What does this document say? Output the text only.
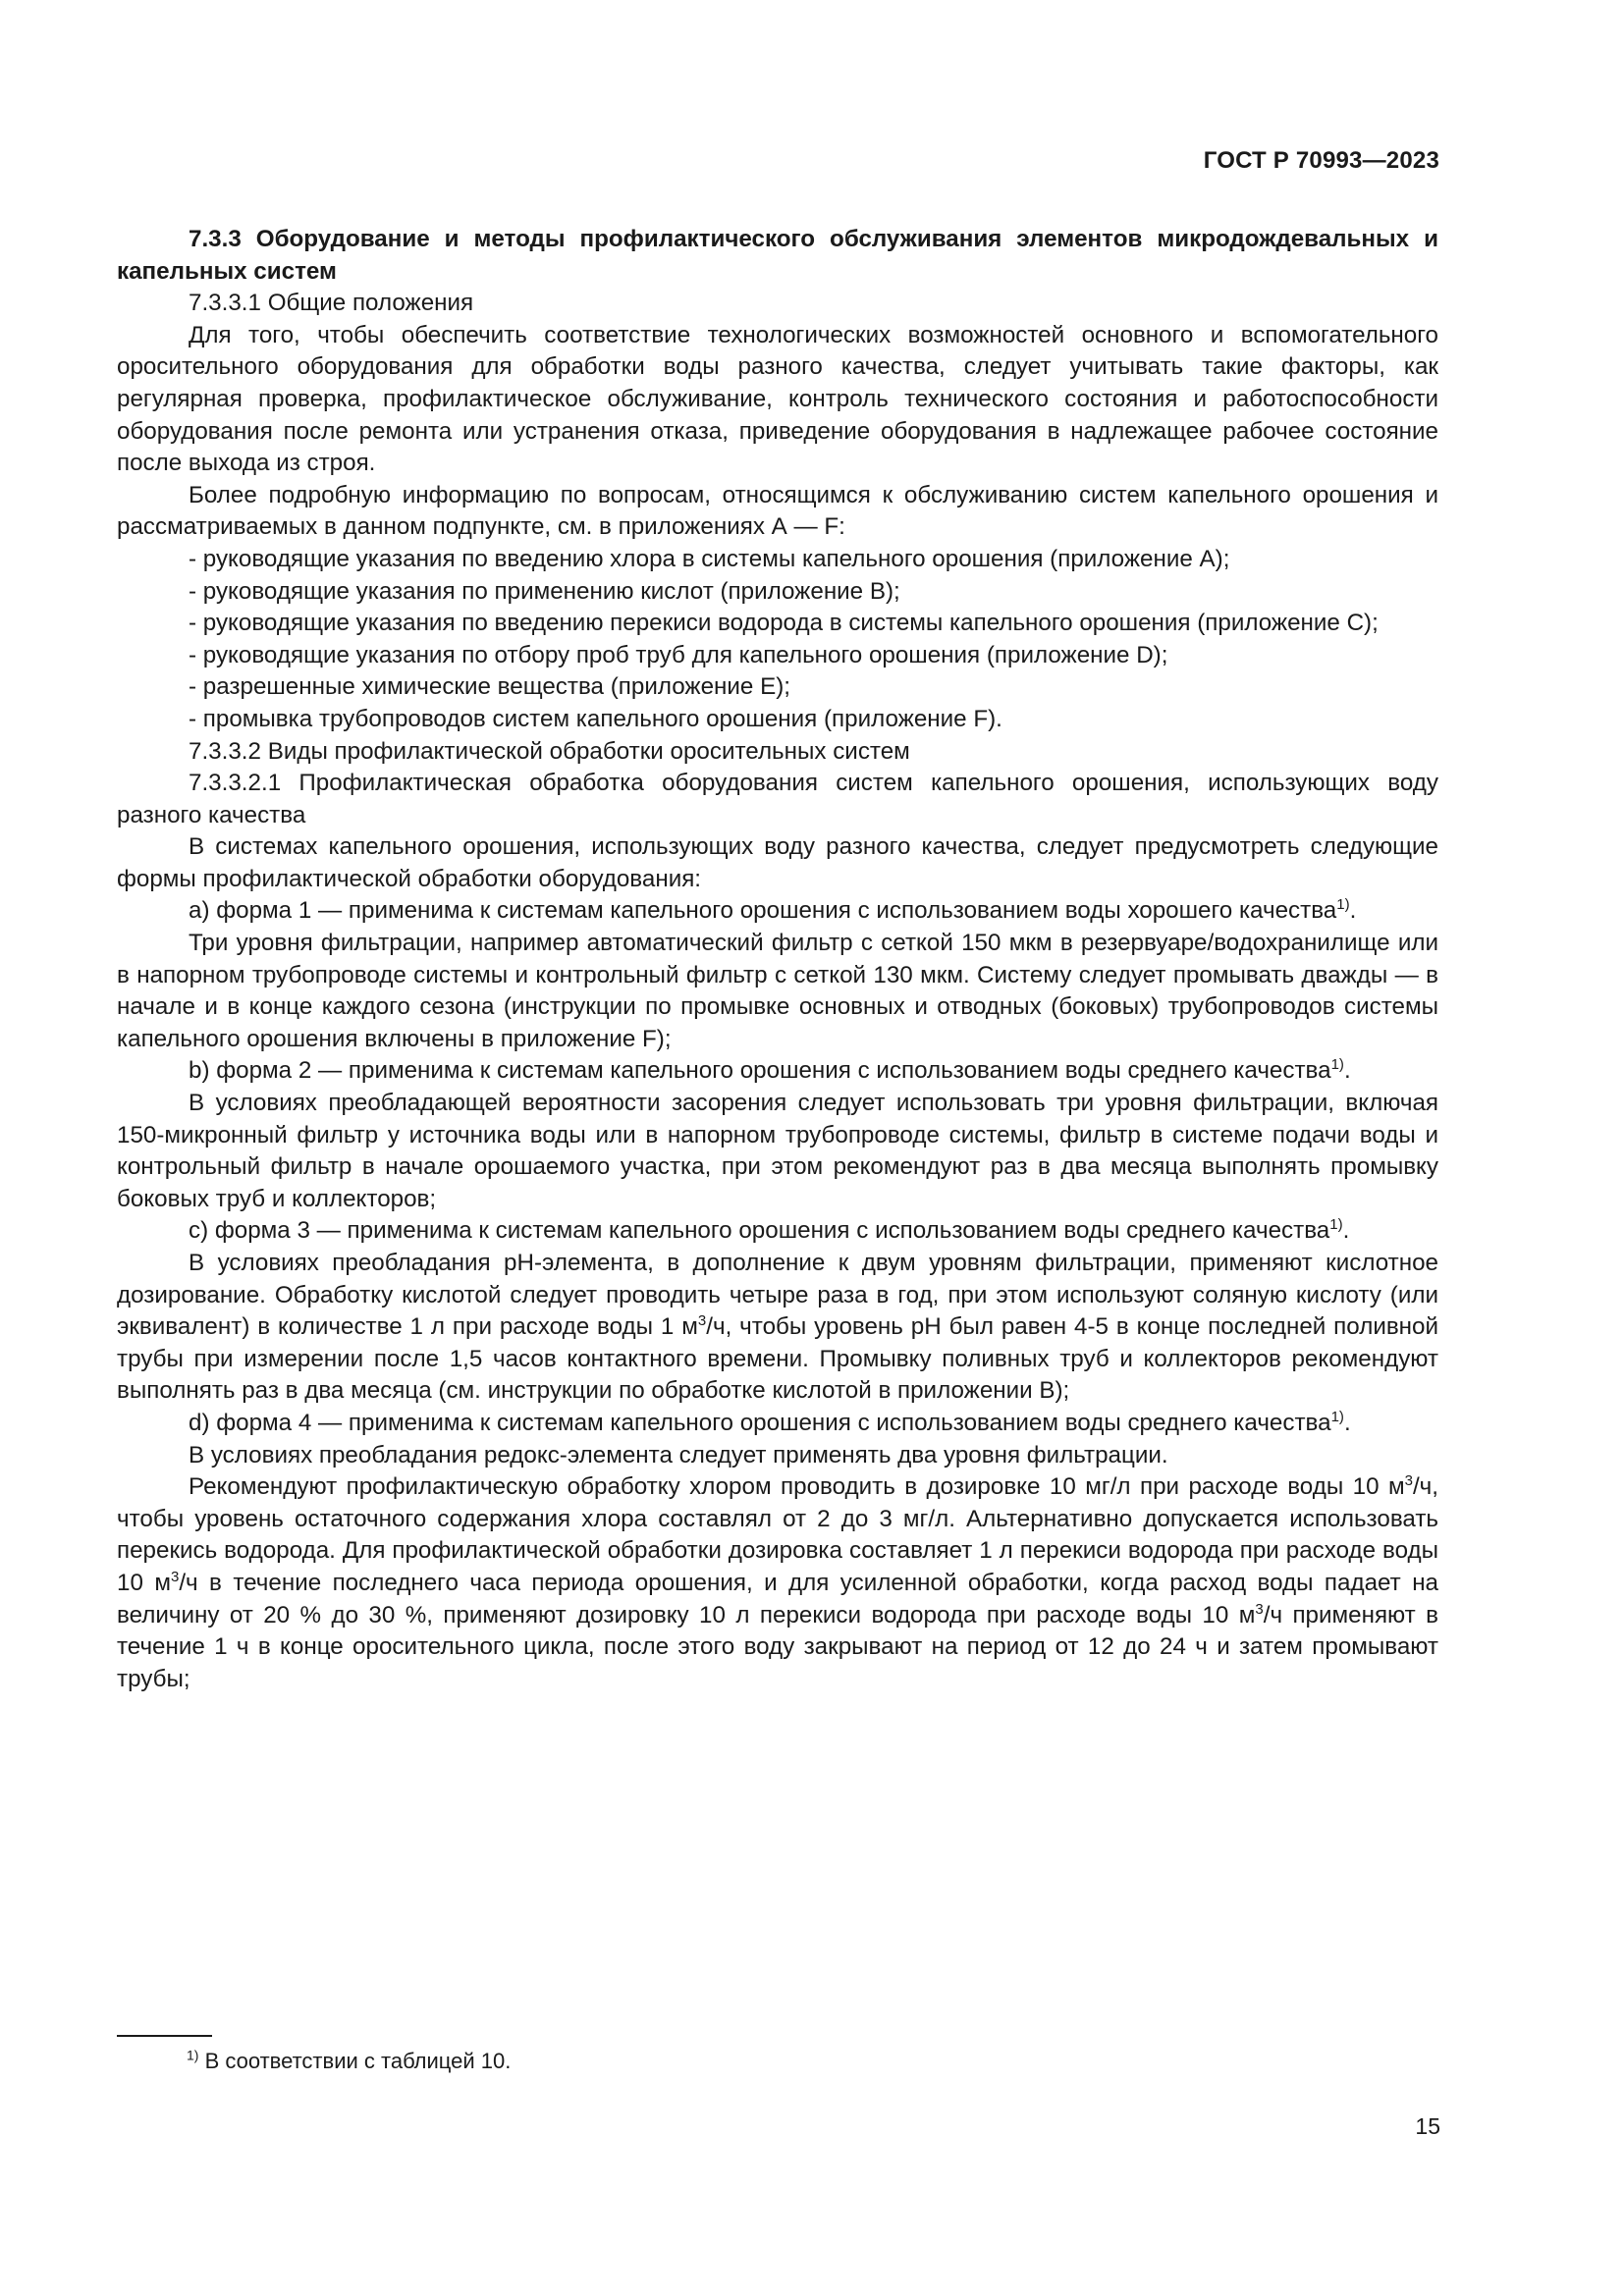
ГОСТ Р 70993—2023

7.3.3 Оборудование и методы профилактического обслуживания элементов микродождевальных и капельных систем

7.3.3.1 Общие положения

Для того, чтобы обеспечить соответствие технологических возможностей основного и вспомогательного оросительного оборудования для обработки воды разного качества, следует учитывать такие факторы, как регулярная проверка, профилактическое обслуживание, контроль технического состояния и работоспособности оборудования после ремонта или устранения отказа, приведение оборудования в надлежащее рабочее состояние после выхода из строя.

Более подробную информацию по вопросам, относящимся к обслуживанию систем капельного орошения и рассматриваемых в данном подпункте, см. в приложениях А — F:

- руководящие указания по введению хлора в системы капельного орошения (приложение А);

- руководящие указания по применению кислот (приложение В);

- руководящие указания по введению перекиси водорода в системы капельного орошения (приложение С);

- руководящие указания по отбору проб труб для капельного орошения (приложение D);

- разрешенные химические вещества (приложение Е);

- промывка трубопроводов систем капельного орошения (приложение F).

7.3.3.2 Виды профилактической обработки оросительных систем

7.3.3.2.1 Профилактическая обработка оборудования систем капельного орошения, использующих воду разного качества

В системах капельного орошения, использующих воду разного качества, следует предусмотреть следующие формы профилактической обработки оборудования:

а) форма 1 — применима к системам капельного орошения с использованием воды хорошего качества$^{1)}$.

Три уровня фильтрации, например автоматический фильтр с сеткой 150 мкм в резервуаре/водохранилище или в напорном трубопроводе системы и контрольный фильтр с сеткой 130 мкм. Систему следует промывать дважды — в начале и в конце каждого сезона (инструкции по промывке основных и отводных (боковых) трубопроводов системы капельного орошения включены в приложение F);

b) форма 2 — применима к системам капельного орошения с использованием воды среднего качества$^{1)}$.

В условиях преобладающей вероятности засорения следует использовать три уровня фильтрации, включая 150-микронный фильтр у источника воды или в напорном трубопроводе системы, фильтр в системе подачи воды и контрольный фильтр в начале орошаемого участка, при этом рекомендуют раз в два месяца выполнять промывку боковых труб и коллекторов;

с) форма 3 — применима к системам капельного орошения с использованием воды среднего качества$^{1)}$.

В условиях преобладания рН-элемента, в дополнение к двум уровням фильтрации, применяют кислотное дозирование. Обработку кислотой следует проводить четыре раза в год, при этом используют соляную кислоту (или эквивалент) в количестве 1 л при расходе воды 1 $м^3/ч$, чтобы уровень рН был равен 4-5 в конце последней поливной трубы при измерении после 1,5 часов контактного времени. Промывку поливных труб и коллекторов рекомендуют выполнять раз в два месяца (см. инструкции по обработке кислотой в приложении В);

d) форма 4 — применима к системам капельного орошения с использованием воды среднего качества$^{1)}$.

В условиях преобладания редокс-элемента следует применять два уровня фильтрации.

Рекомендуют профилактическую обработку хлором проводить в дозировке 10 мг/л при расходе воды 10 $м^3/ч$, чтобы уровень остаточного содержания хлора составлял от 2 до 3 мг/л. Альтернативно допускается использовать перекись водорода. Для профилактической обработки дозировка составляет 1 л перекиси водорода при расходе воды 10 $м^3/ч$ в течение последнего часа периода орошения, и для усиленной обработки, когда расход воды падает на величину от 20 % до 30 %, применяют дозировку 10 л перекиси водорода при расходе воды 10 $м^3/ч$ применяют в течение 1 ч в конце оросительного цикла, после этого воду закрывают на период от 12 до 24 ч и затем промывают трубы;

$^{1)}$ В соответствии с таблицей 10.
15
